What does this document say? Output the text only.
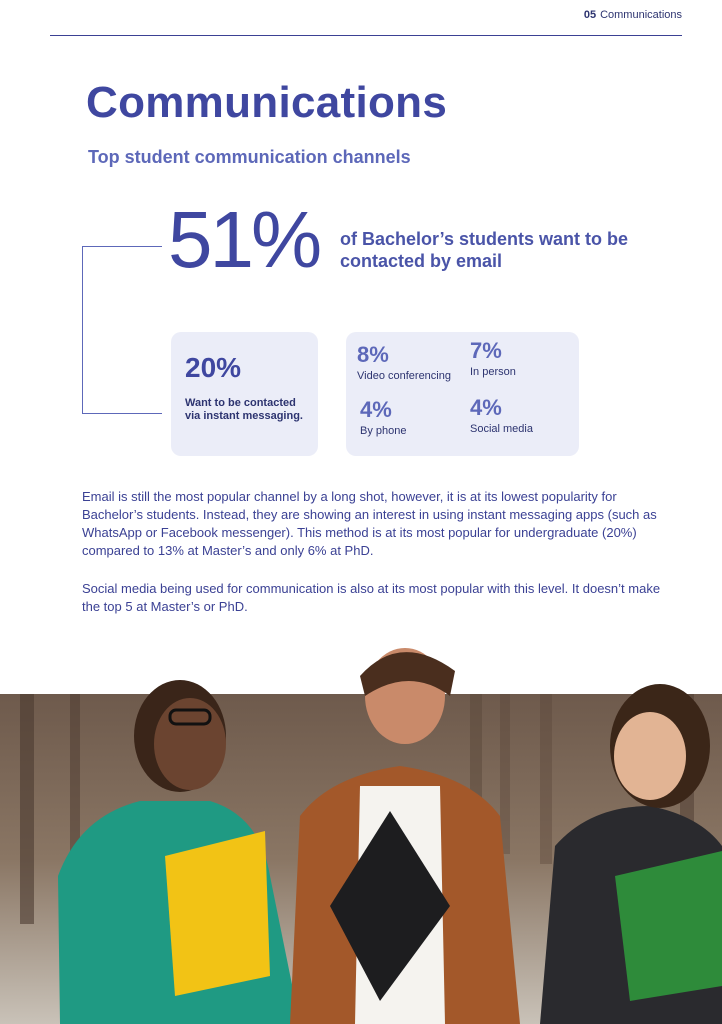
05 Communications
Communications
Top student communication channels
51% of Bachelor’s students want to be contacted by email
20%
Want to be contacted via instant messaging.
8%
Video conferencing
7%
In person
4%
By phone
4%
Social media

Email is still the most popular channel by a long shot, however, it is at its lowest popularity for Bachelor’s students. Instead, they are showing an interest in using instant messaging apps (such as WhatsApp or Facebook messenger). This method is at its most popular for undergraduate (20%) compared to 13% at Master’s and only 6% at PhD.

Social media being used for communication is also at its most popular with this level. It doesn’t make the top 5 at Master’s or PhD.
